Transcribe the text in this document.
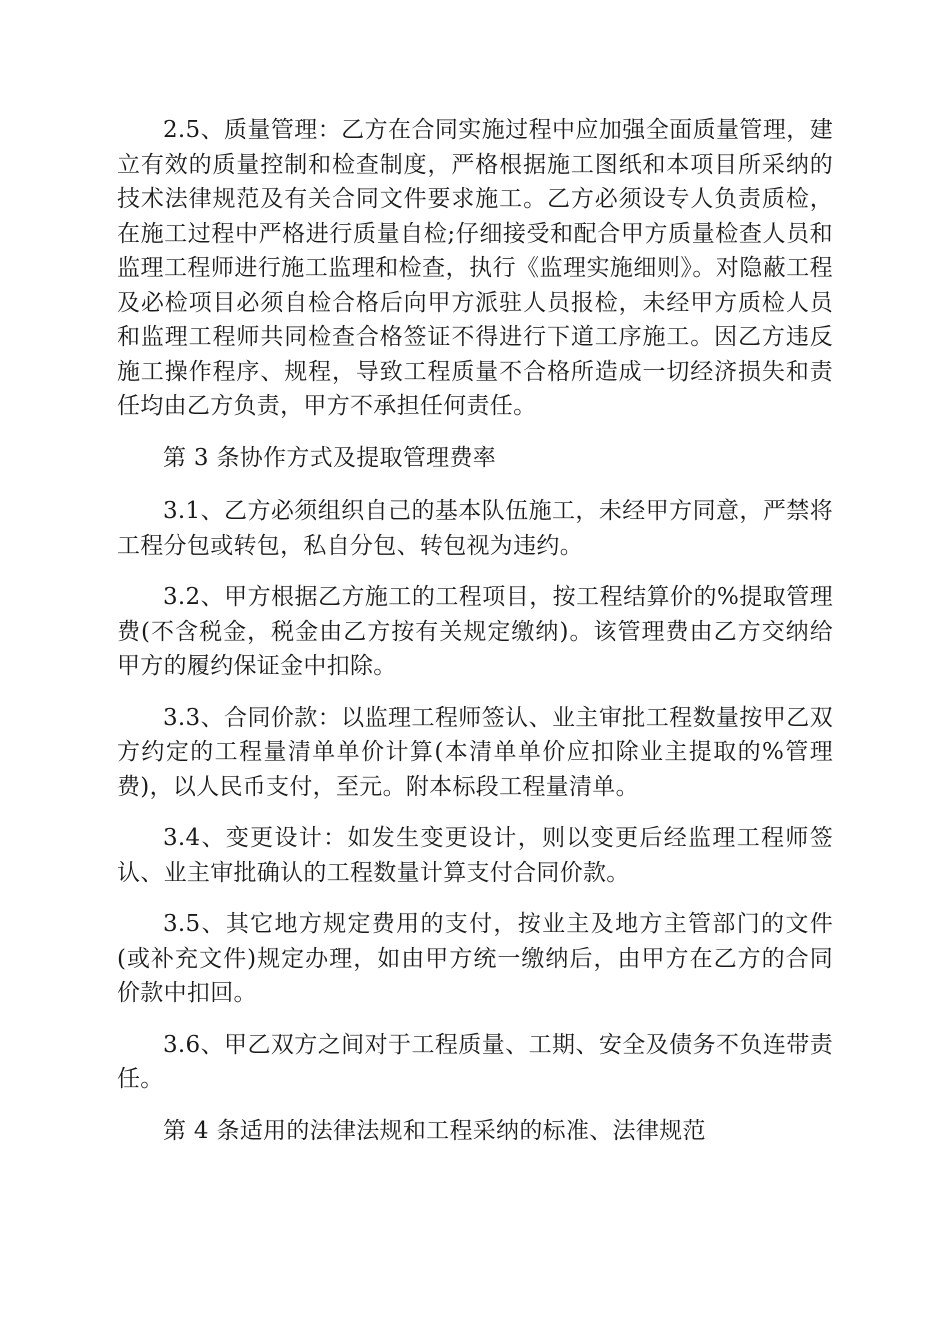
2.5、质量管理：乙方在合同实施过程中应加强全面质量管理，建立有效的质量控制和检查制度，严格根据施工图纸和本项目所采纳的技术法律规范及有关合同文件要求施工。乙方必须设专人负责质检，在施工过程中严格进行质量自检;仔细接受和配合甲方质量检查人员和监理工程师进行施工监理和检查，执行《监理实施细则》。对隐蔽工程及必检项目必须自检合格后向甲方派驻人员报检，未经甲方质检人员和监理工程师共同检查合格签证不得进行下道工序施工。因乙方违反施工操作程序、规程，导致工程质量不合格所造成一切经济损失和责任均由乙方负责，甲方不承担任何责任。

第 3 条协作方式及提取管理费率

3.1、乙方必须组织自己的基本队伍施工，未经甲方同意，严禁将工程分包或转包，私自分包、转包视为违约。

3.2、甲方根据乙方施工的工程项目，按工程结算价的%提取管理费(不含税金，税金由乙方按有关规定缴纳)。该管理费由乙方交纳给甲方的履约保证金中扣除。

3.3、合同价款：以监理工程师签认、业主审批工程数量按甲乙双方约定的工程量清单单价计算(本清单单价应扣除业主提取的%管理费)，以人民币支付，至元。附本标段工程量清单。

3.4、变更设计：如发生变更设计，则以变更后经监理工程师签认、业主审批确认的工程数量计算支付合同价款。

3.5、其它地方规定费用的支付，按业主及地方主管部门的文件(或补充文件)规定办理，如由甲方统一缴纳后，由甲方在乙方的合同价款中扣回。

3.6、甲乙双方之间对于工程质量、工期、安全及债务不负连带责任。

第 4 条适用的法律法规和工程采纳的标准、法律规范
